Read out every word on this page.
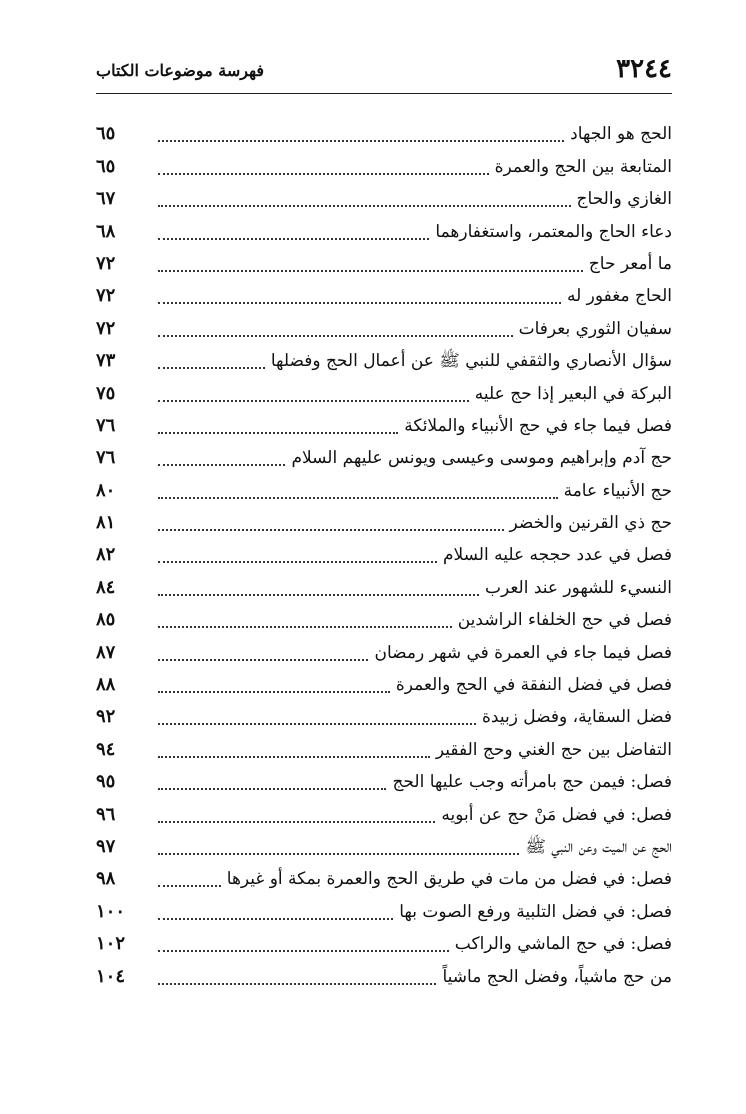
٣٢٤٤
فهرسة موضوعات الكتاب
الحج هو الجهاد
٦٥
المتابعة بين الحج والعمرة
٦٥
الغازي والحاج
٦٧
دعاء الحاج والمعتمر، واستغفارهما
٦٨
ما أمعر حاج
٧٢
الحاج مغفور له
٧٢
سفيان الثوري بعرفات
٧٢
سؤال الأنصاري والثقفي للنبي ﷺ عن أعمال الحج وفضلها
٧٣
البركة في البعير إذا حج عليه
٧٥
فصل فيما جاء في حج الأنبياء والملائكة
٧٦
حج آدم وإبراهيم وموسى وعيسى ويونس عليهم السلام
٧٦
حج الأنبياء عامة
٨٠
حج ذي القرنين والخضر
٨١
فصل في عدد حججه عليه السلام
٨٢
النسيء للشهور عند العرب
٨٤
فصل في حج الخلفاء الراشدين
٨٥
فصل فيما جاء في العمرة في شهر رمضان
٨٧
فصل في فضل النفقة في الحج والعمرة
٨٨
فضل السقاية، وفضل زبيدة
٩٢
التفاضل بين حج الغني وحج الفقير
٩٤
فصل: فيمن حج بامرأته وجب عليها الحج
٩٥
فصل: في فضل مَنْ حج عن أبويه
٩٦
الحج عن الميت وعن النبي ﷺ
٩٧
فصل: في فضل من مات في طريق الحج والعمرة بمكة أو غيرها
٩٨
فصل: في فضل التلبية ورفع الصوت بها
١٠٠
فصل: في حج الماشي والراكب
١٠٢
من حج ماشياً، وفضل الحج ماشياً
١٠٤
